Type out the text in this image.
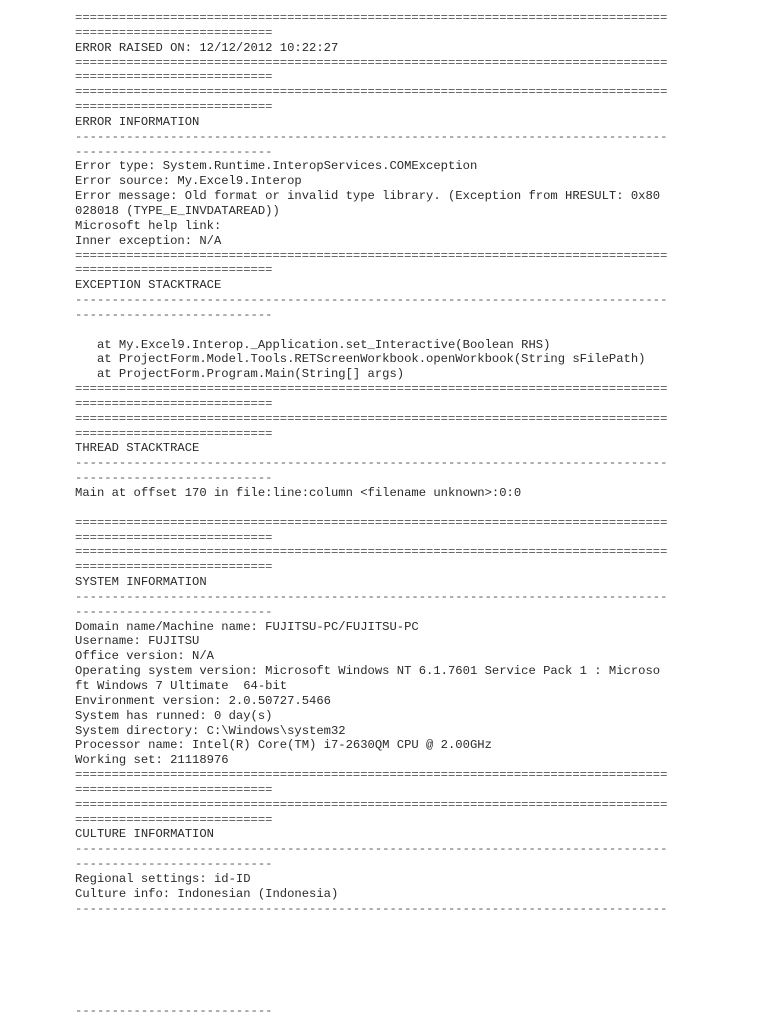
=================================================================================
===========================
ERROR RAISED ON: 12/12/2012 10:22:27
=================================================================================
===========================
=================================================================================
===========================
ERROR INFORMATION
---------------------------------------------------------------------------------
---------------------------
Error type: System.Runtime.InteropServices.COMException
Error source: My.Excel9.Interop
Error message: Old format or invalid type library. (Exception from HRESULT: 0x80
028018 (TYPE_E_INVDATAREAD))
Microsoft help link:
Inner exception: N/A
=================================================================================
===========================
EXCEPTION STACKTRACE
---------------------------------------------------------------------------------
---------------------------
at My.Excel9.Interop._Application.set_Interactive(Boolean RHS)
at ProjectForm.Model.Tools.RETScreenWorkbook.openWorkbook(String sFilePath)
at ProjectForm.Program.Main(String[] args)
=================================================================================
===========================
=================================================================================
===========================
THREAD STACKTRACE
---------------------------------------------------------------------------------
---------------------------
Main at offset 170 in file:line:column <filename unknown>:0:0
=================================================================================
===========================
=================================================================================
===========================
SYSTEM INFORMATION
---------------------------------------------------------------------------------
---------------------------
Domain name/Machine name: FUJITSU-PC/FUJITSU-PC
Username: FUJITSU
Office version: N/A
Operating system version: Microsoft Windows NT 6.1.7601 Service Pack 1 : Microso
ft Windows 7 Ultimate  64-bit
Environment version: 2.0.50727.5466
System has runned: 0 day(s)
System directory: C:\Windows\system32
Processor name: Intel(R) Core(TM) i7-2630QM CPU @ 2.00GHz
Working set: 21118976
=================================================================================
===========================
=================================================================================
===========================
CULTURE INFORMATION
---------------------------------------------------------------------------------
---------------------------
Regional settings: id-ID
Culture info: Indonesian (Indonesia)
---------------------------------------------------------------------------------
---------------------------
